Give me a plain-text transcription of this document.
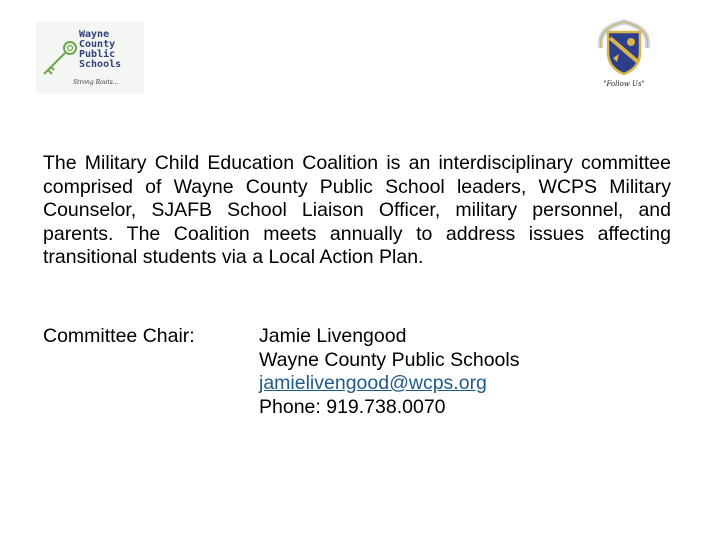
Wayne
County
Public
Schools
Strong Roots...	"Follow Us"

The Military Child Education Coalition is an interdisciplinary committee comprised of Wayne County Public School leaders, WCPS Military Counselor, SJAFB School Liaison Officer, military personnel, and parents. The Coalition meets annually to address issues affecting transitional students via a Local Action Plan.

Committee Chair:	Jamie Livengood
Wayne County Public Schools
jamielivengood@wcps.org
Phone: 919.738.0070
